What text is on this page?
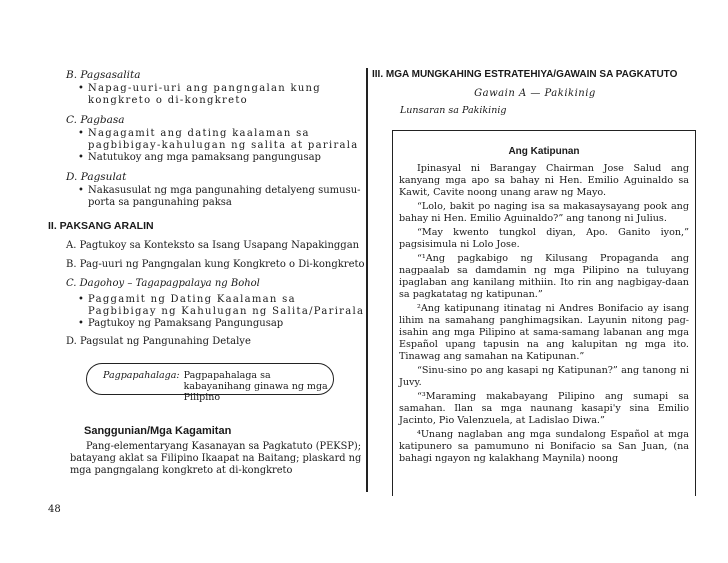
B. Pagsasalita
• Napag-uuri-uri ang pangngalan kung kongkreto o di-kongkreto
C. Pagbasa
• Nagagamit ang dating kaalaman sa pagbibigay-kahulugan ng salita at parirala
• Natutukoy ang mga pamaksang pangungusap
D. Pagsulat
• Nakasusulat ng mga pangunahing detalyeng sumusu-porta sa pangunahing paksa
II. PAKSANG ARALIN
A. Pagtukoy sa Konteksto sa Isang Usapang Napakinggan
B. Pag-uuri ng Pangngalan kung Kongkreto o Di-kongkreto
C. Dagohoy – Tagapagpalaya ng Bohol
• Paggamit ng Dating Kaalaman sa Pagbibigay ng Kahulugan ng Salita/Parirala
• Pagtukoy ng Pamaksang Pangungusap
D. Pagsulat ng Pangunahing Detalye
Pagpapahalaga: Pagpapahalaga sa kabayanihang ginawa ng mga Pilipino
Sanggunian/Mga Kagamitan
Pang-elementaryang Kasanayan sa Pagkatuto (PEKSP); batayang aklat sa Filipino Ikaapat na Baitang; plaskard ng mga pangngalang kongkreto at di-kongkreto
III. MGA MUNGKAHING ESTRATEHIYA/GAWAIN SA PAGKATUTO
Gawain A — Pakikinig
Lunsaran sa Pakikinig
Ang Katipunan

Ipinasyal ni Barangay Chairman Jose Salud ang kanyang mga apo sa bahay ni Hen. Emilio Aguinaldo sa Kawit, Cavite noong unang araw ng Mayo.

“Lolo, bakit po naging isa sa makasaysayang pook ang bahay ni Hen. Emilio Aguinaldo?” ang tanong ni Julius.

“May kwento tungkol diyan, Apo. Ganito iyon,” pagsisimula ni Lolo Jose.

“¹Ang pagkabigo ng Kilusang Propaganda ang nagpaalab sa damdamin ng mga Pilipino na tuluyang ipaglaban ang kanilang mithiin. Ito rin ang nagbigay-daan sa pagkatatag ng katipunan.”

²Ang katipunang itinatag ni Andres Bonifacio ay isang lihim na samahang panghimagsikan. Layunin nitong pag-isahin ang mga Pilipino at sama-samang labanan ang mga Español upang tapusin na ang kalupitan ng mga ito. Tinawag ang samahan na Katipunan.”

“Sinu-sino po ang kasapi ng Katipunan?” ang tanong ni Juvy.

“³Maraming makabayang Pilipino ang sumapi sa samahan. Ilan sa mga naunang kasapi'y sina Emilio Jacinto, Pio Valenzuela, at Ladislao Diwa.”

⁴Unang naglaban ang mga sundalong Español at mga katipunero sa pamumuno ni Bonifacio sa San Juan, (na bahagi ngayon ng kalakhang Maynila) noong

48
